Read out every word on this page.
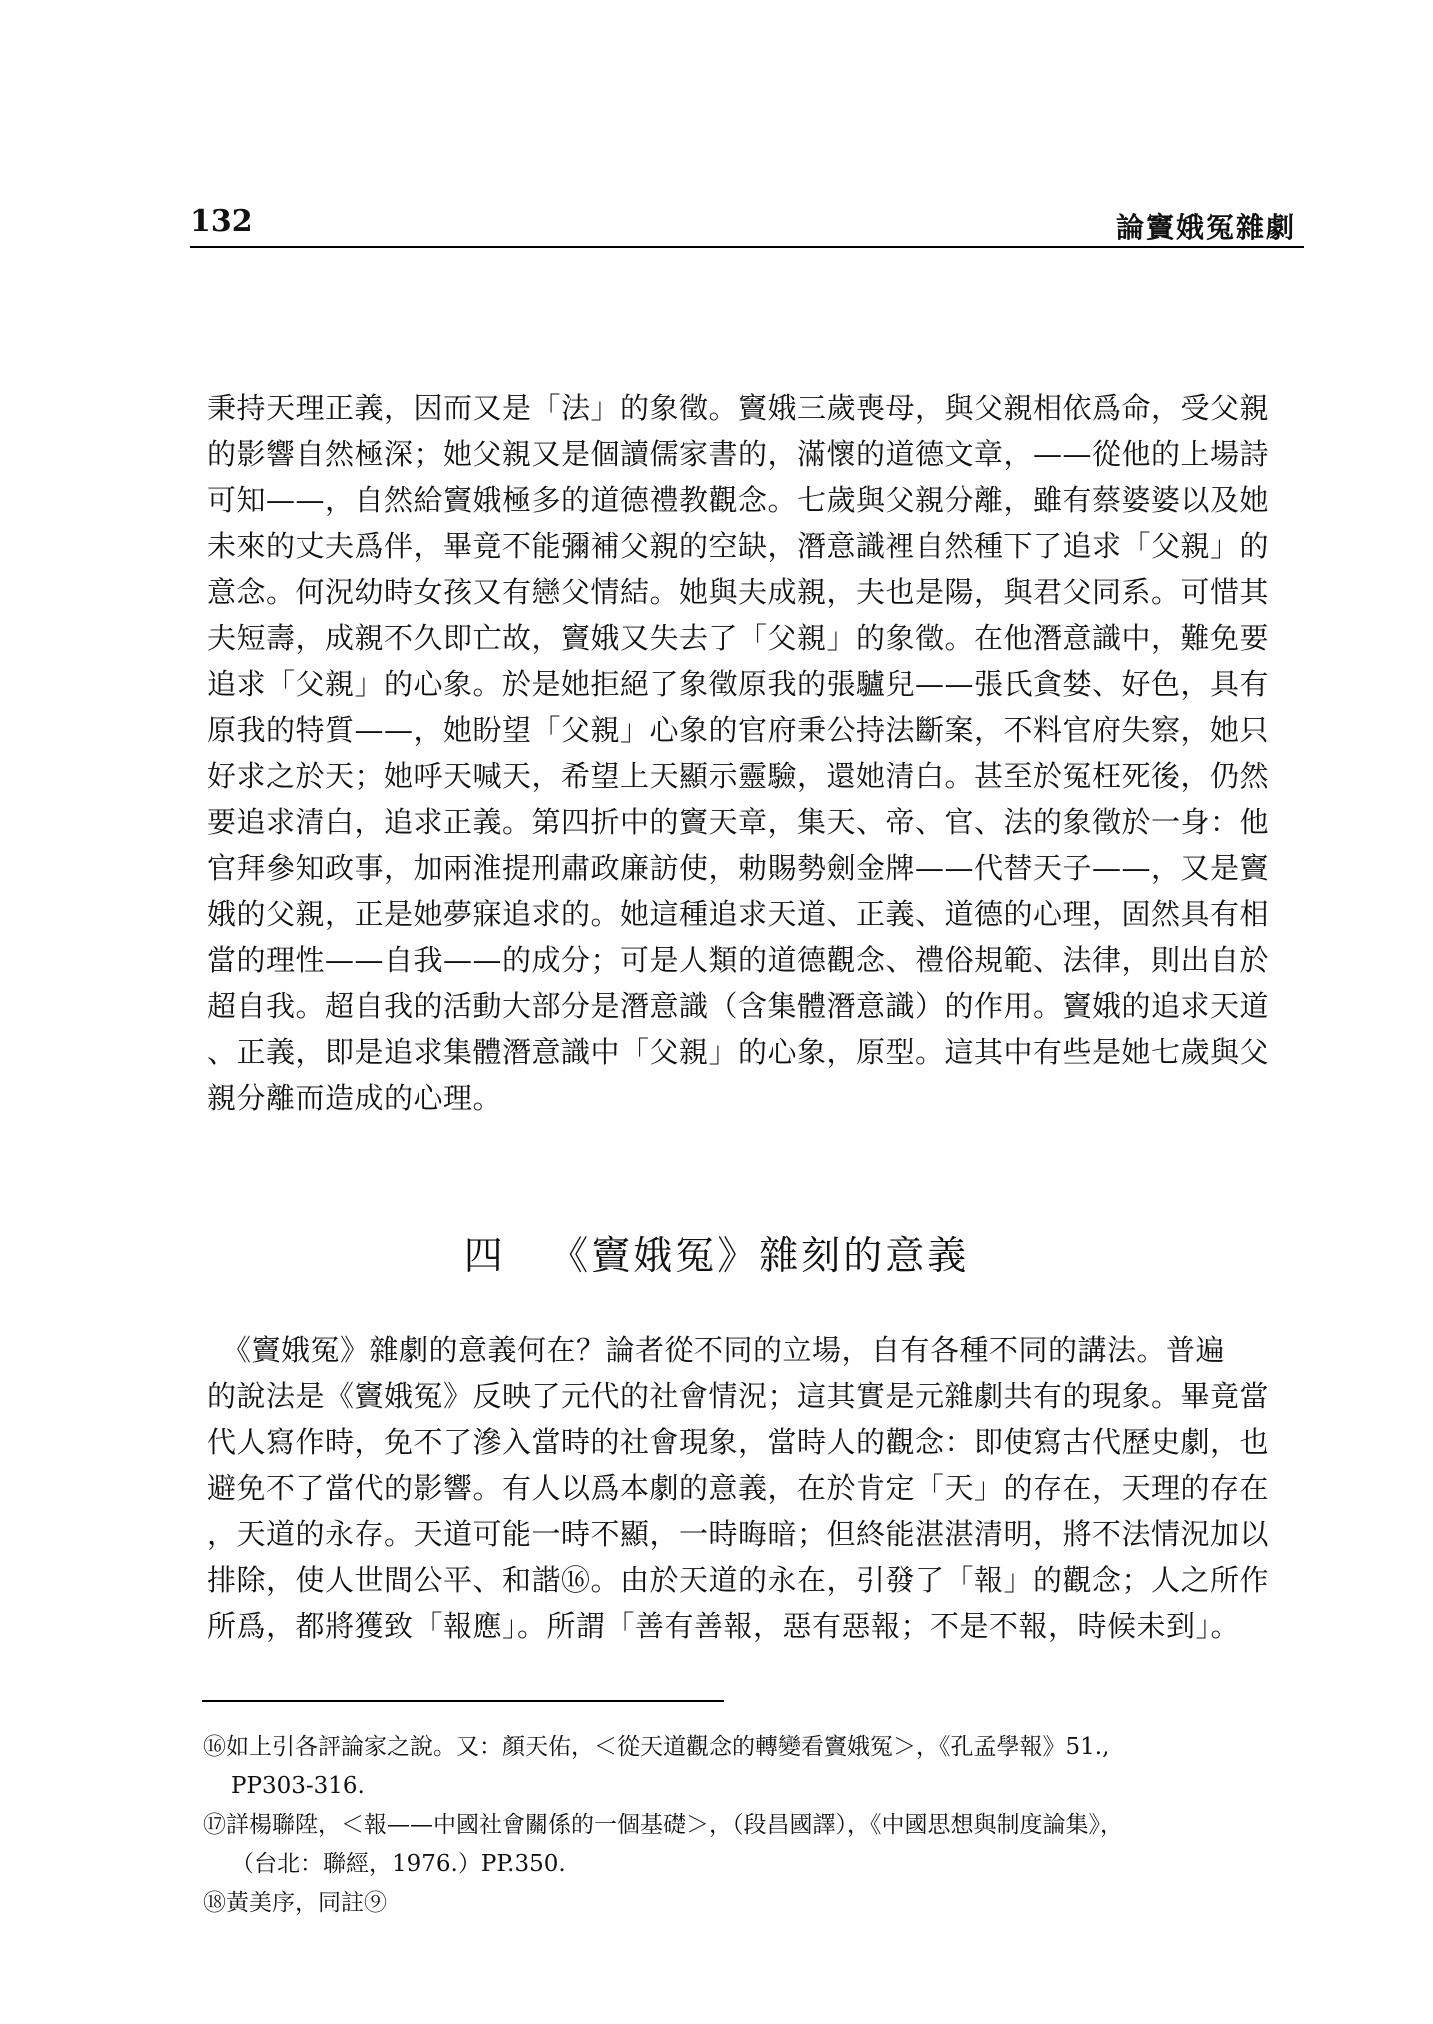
132	論竇娥冤雜劇

秉持天理正義，因而又是「法」的象徵。竇娥三歲喪母，與父親相依爲命，受父親
的影響自然極深；她父親又是個讀儒家書的，滿懷的道德文章，——從他的上場詩
可知——，自然給竇娥極多的道德禮教觀念。七歲與父親分離，雖有蔡婆婆以及她
未來的丈夫爲伴，畢竟不能彌補父親的空缺，潛意識裡自然種下了追求「父親」的
意念。何況幼時女孩又有戀父情結。她與夫成親，夫也是陽，與君父同系。可惜其
夫短壽，成親不久即亡故，竇娥又失去了「父親」的象徵。在他潛意識中，難免要
追求「父親」的心象。於是她拒絕了象徵原我的張驢兒——張氏貪婪、好色，具有
原我的特質——，她盼望「父親」心象的官府秉公持法斷案，不料官府失察，她只
好求之於天；她呼天喊天，希望上天顯示靈驗，還她清白。甚至於冤枉死後，仍然
要追求清白，追求正義。第四折中的竇天章，集天、帝、官、法的象徵於一身：他
官拜參知政事，加兩淮提刑肅政廉訪使，勅賜勢劍金牌——代替天子——，又是竇
娥的父親，正是她夢寐追求的。她這種追求天道、正義、道德的心理，固然具有相
當的理性——自我——的成分；可是人類的道德觀念、禮俗規範、法律，則出自於
超自我。超自我的活動大部分是潛意識（含集體潛意識）的作用。竇娥的追求天道
、正義，即是追求集體潛意識中「父親」的心象，原型。這其中有些是她七歲與父
親分離而造成的心理。

四 《竇娥冤》雜刻的意義

　《竇娥冤》雜劇的意義何在？論者從不同的立場，自有各種不同的講法。普遍
的說法是《竇娥冤》反映了元代的社會情況；這其實是元雜劇共有的現象。畢竟當
代人寫作時，免不了滲入當時的社會現象，當時人的觀念：即使寫古代歷史劇，也
避免不了當代的影響。有人以爲本劇的意義，在於肯定「天」的存在，天理的存在
，天道的永存。天道可能一時不顯，一時晦暗；但終能湛湛清明，將不法情況加以
排除，使人世間公平、和諧⑯。由於天道的永在，引發了「報」的觀念；人之所作
所爲，都將獲致「報應」。所謂「善有善報，惡有惡報；不是不報，時候未到」。

⑯如上引各評論家之說。又：顏天佑，＜從天道觀念的轉變看竇娥冤＞，《孔孟學報》51.,
PP303-316.
⑰詳楊聯陞，＜報——中國社會關係的一個基礎＞，（段昌國譯），《中國思想與制度論集》，
（台北：聯經，1976.）PP.350.
⑱黃美序，同註⑨
